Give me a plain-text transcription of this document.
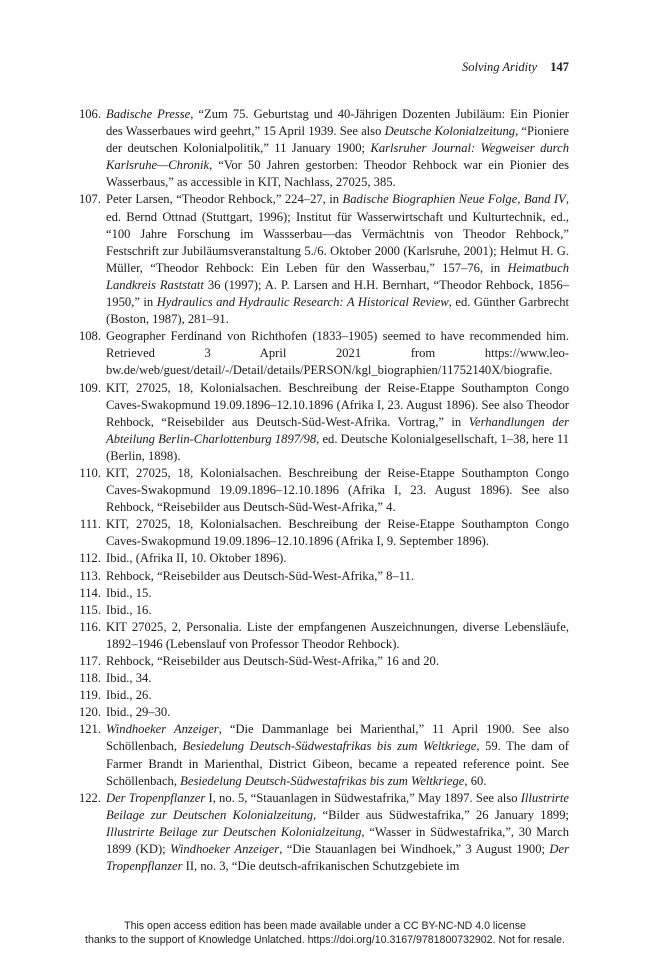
Solving Aridity 147
106. Badische Presse, “Zum 75. Geburtstag und 40-Jährigen Dozenten Jubiläum: Ein Pionier des Wasserbaues wird geehrt,” 15 April 1939. See also Deutsche Kolonialzeitung, “Pioniere der deutschen Kolonialpolitik,” 11 January 1900; Karlsruher Journal: Wegweiser durch Karlsruhe—Chronik, “Vor 50 Jahren gestorben: Theodor Rehbock war ein Pionier des Wasserbaus,” as accessible in KIT, Nachlass, 27025, 385.
107. Peter Larsen, “Theodor Rehbock,” 224–27, in Badische Biographien Neue Folge, Band IV, ed. Bernd Ottnad (Stuttgart, 1996); Institut für Wasserwirtschaft und Kulturtechnik, ed., “100 Jahre Forschung im Wassserbau—das Vermächtnis von Theodor Rehbock,” Festschrift zur Jubiläumsveranstaltung 5./6. Oktober 2000 (Karlsruhe, 2001); Helmut H. G. Müller, “Theodor Rehbock: Ein Leben für den Wasserbau,” 157–76, in Heimatbuch Landkreis Raststatt 36 (1997); A. P. Larsen and H.H. Bernhart, “Theodor Rehbock, 1856–1950,” in Hydraulics and Hydraulic Research: A Historical Review, ed. Günther Garbrecht (Boston, 1987), 281–91.
108. Geographer Ferdinand von Richthofen (1833–1905) seemed to have recommended him. Retrieved 3 April 2021 from https://www.leo-bw.de/web/guest/detail/-/Detail/details/PERSON/kgl_biographien/11752140X/biografie.
109. KIT, 27025, 18, Kolonialsachen. Beschreibung der Reise-Etappe Southampton Congo Caves-Swakopmund 19.09.1896–12.10.1896 (Afrika I, 23. August 1896). See also Theodor Rehbock, “Reisebilder aus Deutsch-Süd-West-Afrika. Vortrag,” in Verhandlungen der Abteilung Berlin-Charlottenburg 1897/98, ed. Deutsche Kolonialgesellschaft, 1–38, here 11 (Berlin, 1898).
110. KIT, 27025, 18, Kolonialsachen. Beschreibung der Reise-Etappe Southampton Congo Caves-Swakopmund 19.09.1896–12.10.1896 (Afrika I, 23. August 1896). See also Rehbock, “Reisebilder aus Deutsch-Süd-West-Afrika,” 4.
111. KIT, 27025, 18, Kolonialsachen. Beschreibung der Reise-Etappe Southampton Congo Caves-Swakopmund 19.09.1896–12.10.1896 (Afrika I, 9. September 1896).
112. Ibid., (Afrika II, 10. Oktober 1896).
113. Rehbock, “Reisebilder aus Deutsch-Süd-West-Afrika,” 8–11.
114. Ibid., 15.
115. Ibid., 16.
116. KIT 27025, 2, Personalia. Liste der empfangenen Auszeichnungen, diverse Lebensläufe, 1892–1946 (Lebenslauf von Professor Theodor Rehbock).
117. Rehbock, “Reisebilder aus Deutsch-Süd-West-Afrika,” 16 and 20.
118. Ibid., 34.
119. Ibid., 26.
120. Ibid., 29–30.
121. Windhoeker Anzeiger, “Die Dammanlage bei Marienthal,” 11 April 1900. See also Schöllenbach, Besiedelung Deutsch-Südwestafrikas bis zum Weltkriege, 59. The dam of Farmer Brandt in Marienthal, District Gibeon, became a repeated reference point. See Schöllenbach, Besiedelung Deutsch-Südwestafrikas bis zum Weltkriege, 60.
122. Der Tropenpflanzer I, no. 5, “Stauanlagen in Südwestafrika,” May 1897. See also Illustrirte Beilage zur Deutschen Kolonialzeitung, “Bilder aus Südwestafrika,” 26 January 1899; Illustrirte Beilage zur Deutschen Kolonialzeitung, “Wasser in Südwestafrika,”, 30 March 1899 (KD); Windhoeker Anzeiger, “Die Stauanlagen bei Windhoek,” 3 August 1900; Der Tropenpflanzer II, no. 3, “Die deutsch-afrikanischen Schutzgebiete im
This open access edition has been made available under a CC BY-NC-ND 4.0 license
thanks to the support of Knowledge Unlatched. https://doi.org/10.3167/9781800732902. Not for resale.
